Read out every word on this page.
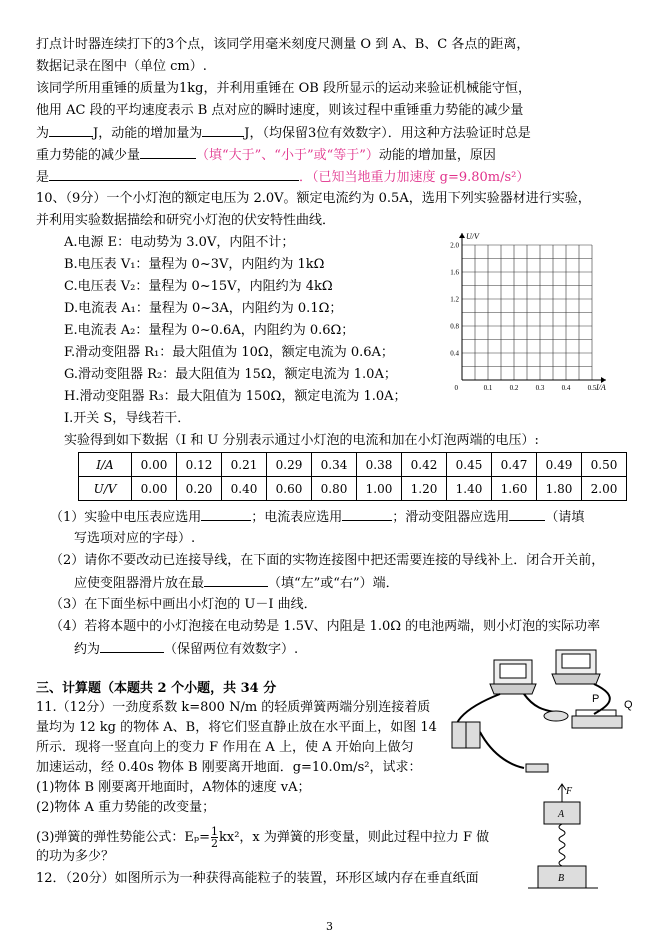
打点计时器连续打下的3个点，该同学用毫米刻度尺测量 O 到 A、B、C 各点的距离，
数据记录在图中（单位 cm）.
该同学所用重锤的质量为1kg，并利用重锤在 OB 段所显示的运动来验证机械能守恒，
他用 AC 段的平均速度表示 B 点对应的瞬时速度，则该过程中重锤重力势能的减少量
为	J，动能的增加量为	J，（均保留3位有效数字）．用这种方法验证时总是
重力势能的减少量	（填“大于”、“小于”或“等于”）动能的增加量，原因
是	．（已知当地重力加速度 g=9.80m/s²）
10、（9分）一个小灯泡的额定电压为 2.0V。额定电流约为 0.5A，选用下列实验器材进行实验，
并利用实验数据描绘和研究小灯泡的伏安特性曲线．
A.电源 E：电动势为 3.0V，内阻不计；
B.电压表 V₁：量程为 0~3V，内阻约为 1kΩ
C.电压表 V₂：量程为 0~15V，内阻约为 4kΩ
D.电流表 A₁：量程为 0~3A，内阻约为 0.1Ω；
E.电流表 A₂：量程为 0~0.6A，内阻约为 0.6Ω；
F.滑动变阻器 R₁：最大阻值为 10Ω，额定电流为 0.6A；
G.滑动变阻器 R₂：最大阻值为 15Ω，额定电流为 1.0A；
H.滑动变阻器 R₃：最大阻值为 150Ω，额定电流为 1.0A；
I.开关 S，导线若干．
实验得到如下数据（I 和 U 分别表示通过小灯泡的电流和加在小灯泡两端的电压）:
0.4
0.8
1.2
1.6
2.0
0.1 0.2 0.3 0.4 0.5
0
U/V
I/A
I/A	0.00	0.12	0.21	0.29	0.34	0.38	0.42	0.45	0.47	0.49	0.50
U/V	0.00	0.20	0.40	0.60	0.80	1.00	1.20	1.40	1.60	1.80	2.00
（1）实验中电压表应选用	；电流表应选用	；滑动变阻器应选用	（请填
写选项对应的字母）.
（2）请你不要改动已连接导线，在下面的实物连接图中把还需要连接的导线补上．闭合开关前，
应使变阻器滑片放在最	（填“左”或“右”）端．
（3）在下面坐标中画出小灯泡的 U－I 曲线．
（4）若将本题中的小灯泡接在电动势是 1.5V、内阻是 1.0Ω 的电池两端，则小灯泡的实际功率
约为	（保留两位有效数字）.
三、计算题（本题共 2 个小题，共 34 分
11.（12分）一劲度系数 k=800 N/m 的轻质弹簧两端分别连接着质
量均为 12 kg 的物体 A、B，将它们竖直静止放在水平面上，如图 14
所示．现将一竖直向上的变力 F 作用在 A 上，使 A 开始向上做匀
加速运动，经 0.40s 物体 B 刚要离开地面．g=10.0m/s²，试求：
(1)物体 B 刚要离开地面时，A物体的速度 vA；
(2)物体 A 重力势能的改变量；
(3)弹簧的弹性势能公式：$E_p= \frac{1}{2} kx^2$，x 为弹簧的形变量，则此过程中拉力 F 做
的功为多少？
12．（20分）如图所示为一种获得高能粒子的装置，环形区域内存在垂直纸面
P Q
F
A
B
3
